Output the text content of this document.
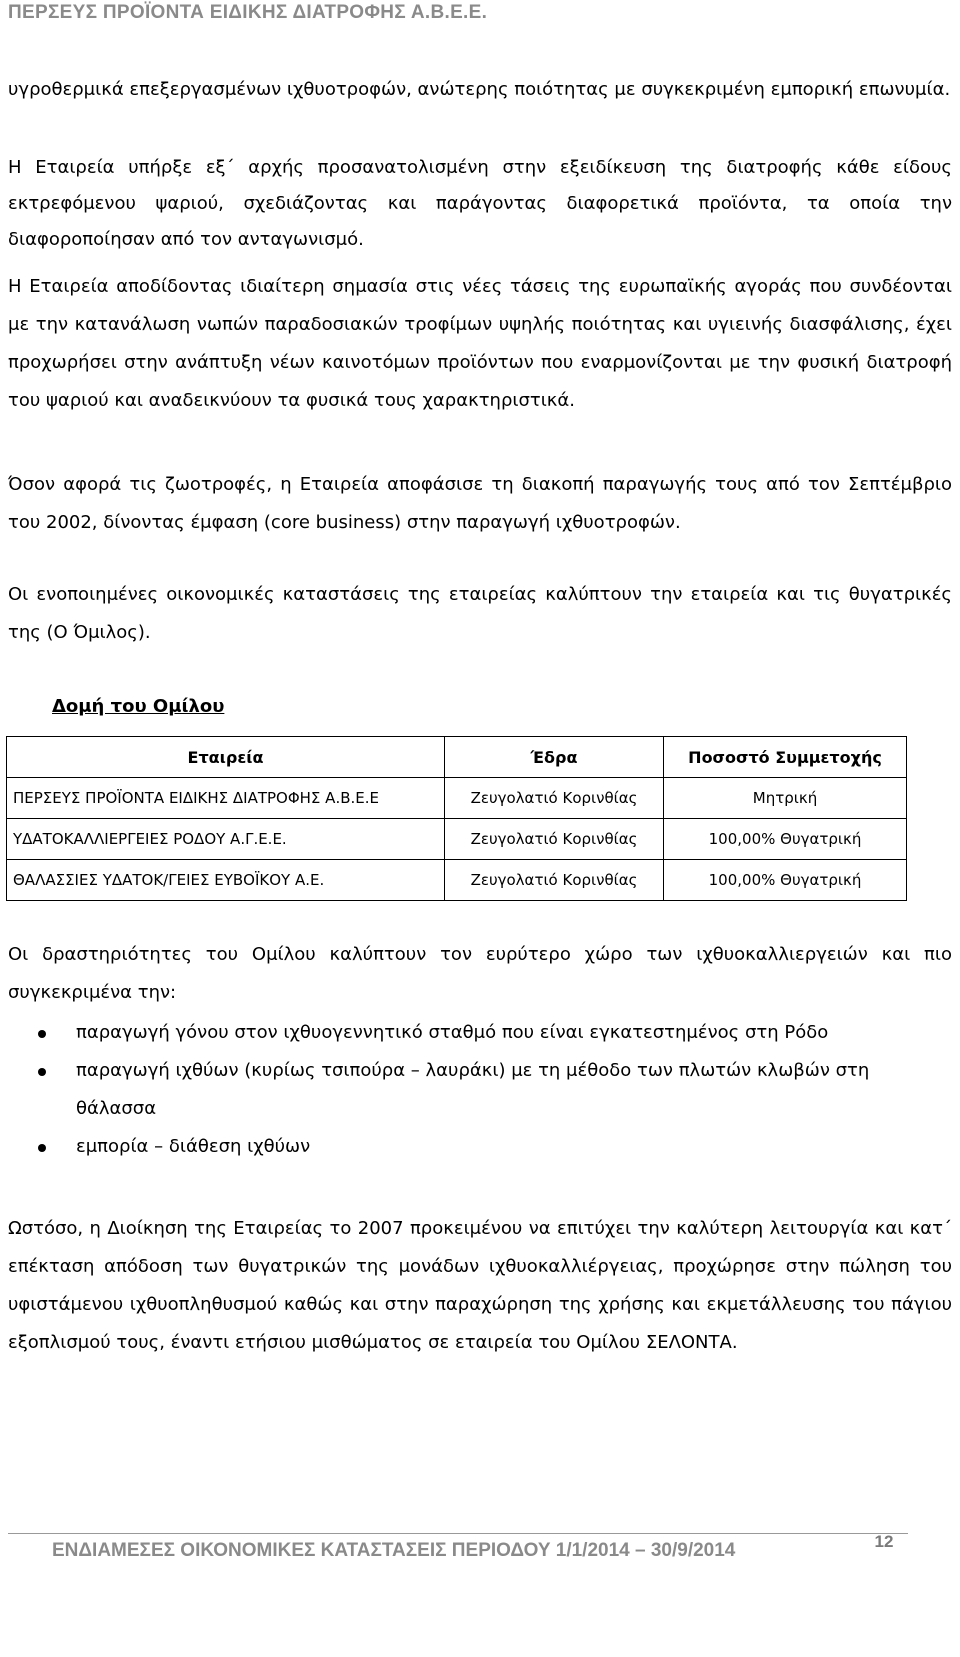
ΠΕΡΣΕΥΣ ΠΡΟΪΟΝΤΑ ΕΙΔΙΚΗΣ ΔΙΑΤΡΟΦΗΣ Α.Β.Ε.Ε.

υγροθερμικά επεξεργασμένων ιχθυοτροφών, ανώτερης ποιότητας με συγκεκριμένη εμπορική επωνυμία.

Η Εταιρεία υπήρξε εξ΄ αρχής προσανατολισμένη στην εξειδίκευση της διατροφής κάθε είδους εκτρεφόμενου ψαριού, σχεδιάζοντας και παράγοντας διαφορετικά προϊόντα, τα οποία την διαφοροποίησαν από τον ανταγωνισμό.

Η Εταιρεία αποδίδοντας ιδιαίτερη σημασία στις νέες τάσεις της ευρωπαϊκής αγοράς που συνδέονται με την κατανάλωση νωπών παραδοσιακών τροφίμων υψηλής ποιότητας και υγιεινής διασφάλισης, έχει προχωρήσει στην ανάπτυξη νέων καινοτόμων προϊόντων που εναρμονίζονται με την φυσική διατροφή του ψαριού και αναδεικνύουν τα φυσικά τους χαρακτηριστικά.

Όσον αφορά τις ζωοτροφές, η Εταιρεία αποφάσισε τη διακοπή παραγωγής τους από τον Σεπτέμβριο του 2002, δίνοντας έμφαση (core business) στην παραγωγή ιχθυοτροφών.

Οι ενοποιημένες οικονομικές καταστάσεις της εταιρείας καλύπτουν την εταιρεία και τις θυγατρικές της (Ο Όμιλος).

Δομή του Ομίλου
Εταιρεία	Έδρα	Ποσοστό Συμμετοχής
ΠΕΡΣΕΥΣ ΠΡΟΪΟΝΤΑ ΕΙΔΙΚΗΣ ΔΙΑΤΡΟΦΗΣ Α.Β.Ε.Ε	Ζευγολατιό Κορινθίας	Μητρική
ΥΔΑΤΟΚΑΛΛΙΕΡΓΕΙΕΣ ΡΟΔΟΥ Α.Γ.Ε.Ε.	Ζευγολατιό Κορινθίας	100,00% Θυγατρική
ΘΑΛΑΣΣΙΕΣ ΥΔΑΤΟΚ/ΓΕΙΕΣ ΕΥΒΟΪΚΟΥ Α.Ε.	Ζευγολατιό Κορινθίας	100,00% Θυγατρική

Οι δραστηριότητες του Ομίλου καλύπτουν τον ευρύτερο χώρο των ιχθυοκαλλιεργειών και πιο συγκεκριμένα την:

παραγωγή γόνου στον ιχθυογεννητικό σταθμό που είναι εγκατεστημένος στη Ρόδο
παραγωγή ιχθύων (κυρίως τσιπούρα – λαυράκι) με τη μέθοδο των πλωτών κλωβών στη θάλασσα
εμπορία – διάθεση ιχθύων

Ωστόσο, η Διοίκηση της Εταιρείας το 2007 προκειμένου να επιτύχει την καλύτερη λειτουργία και κατ΄ επέκταση απόδοση των θυγατρικών της μονάδων ιχθυοκαλλιέργειας, προχώρησε στην πώληση του υφιστάμενου ιχθυοπληθυσμού καθώς και στην παραχώρηση της χρήσης και εκμετάλλευσης του πάγιου εξοπλισμού τους, έναντι ετήσιου μισθώματος σε εταιρεία του Ομίλου ΣΕΛΟΝΤΑ.

ΕΝΔΙΑΜΕΣΕΣ ΟΙΚΟΝΟΜΙΚΕΣ ΚΑΤΑΣΤΑΣΕΙΣ ΠΕΡΙΟΔΟΥ 1/1/2014 – 30/9/2014	12
